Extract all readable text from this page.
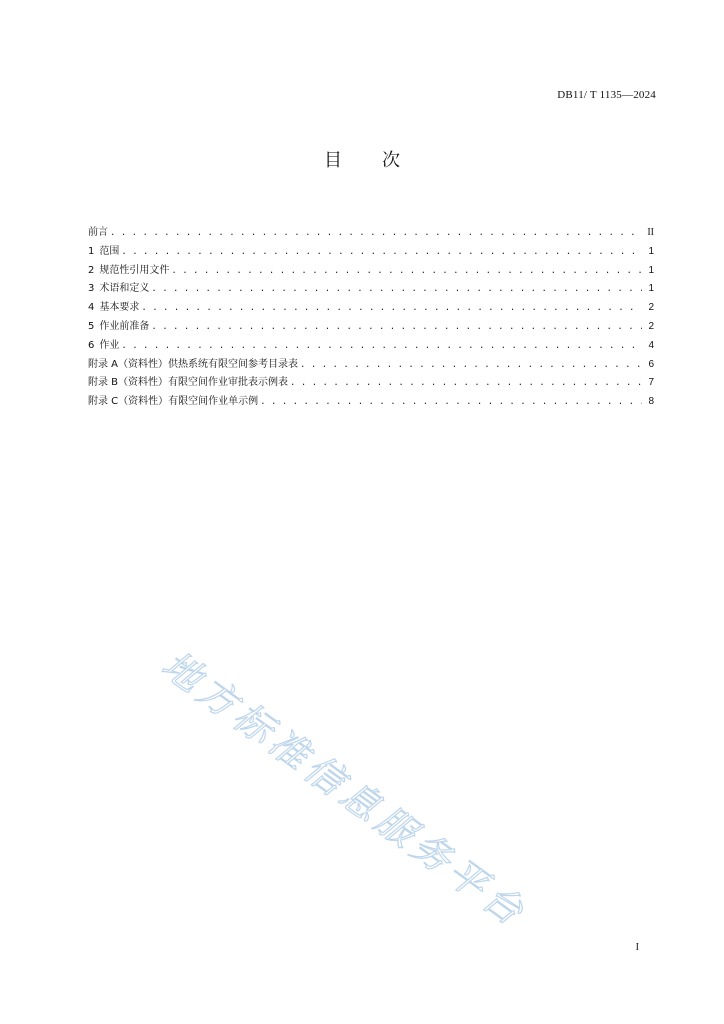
DB11/ T 1135—2024
目 次
前言 . . .	II
1 范围 . . .	1
2 规范性引用文件 . . .	1
3 术语和定义 . . .	1
4 基本要求 . . .	2
5 作业前准备 . . .	2
6 作业 . . .	4
附录 A（资料性）供热系统有限空间参考目录表 . . .	6
附录 B（资料性）有限空间作业审批表示例表 . . .	7
附录 C（资料性）有限空间作业单示例 . . .	8
地方标准信息服务平台
I
